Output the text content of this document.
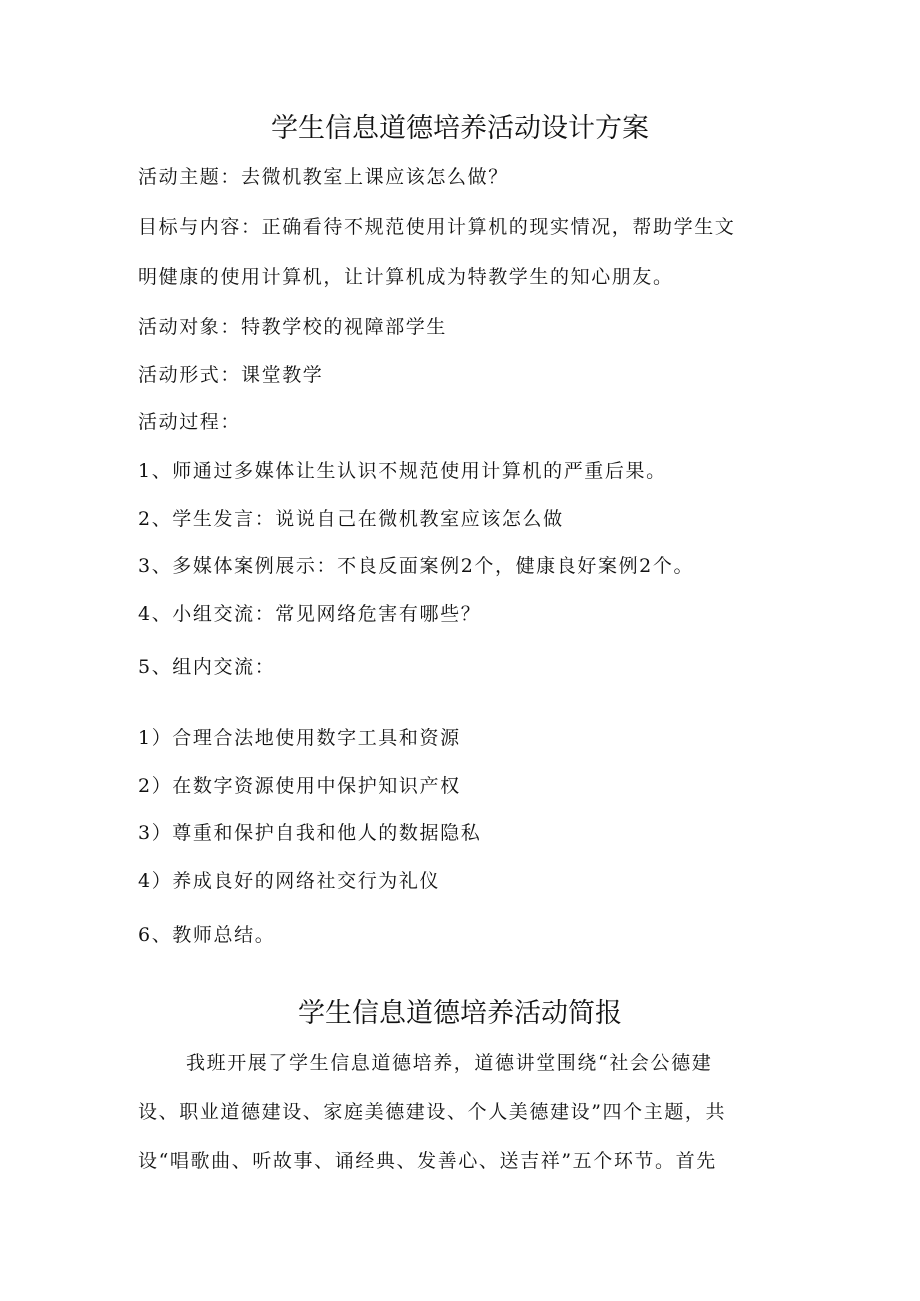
学生信息道德培养活动设计方案
活动主题：去微机教室上课应该怎么做？
目标与内容：正确看待不规范使用计算机的现实情况，帮助学生文
明健康的使用计算机，让计算机成为特教学生的知心朋友。
活动对象：特教学校的视障部学生
活动形式：课堂教学
活动过程：
1、师通过多媒体让生认识不规范使用计算机的严重后果。
2、学生发言：说说自己在微机教室应该怎么做
3、多媒体案例展示：不良反面案例2个，健康良好案例2个。
4、小组交流：常见网络危害有哪些？
5、组内交流：
1）合理合法地使用数字工具和资源
2）在数字资源使用中保护知识产权
3）尊重和保护自我和他人的数据隐私
4）养成良好的网络社交行为礼仪
6、教师总结。
学生信息道德培养活动简报
我班开展了学生信息道德培养，道德讲堂围绕“社会公德建
设、职业道德建设、家庭美德建设、个人美德建设”四个主题，共
设“唱歌曲、听故事、诵经典、发善心、送吉祥”五个环节。首先
